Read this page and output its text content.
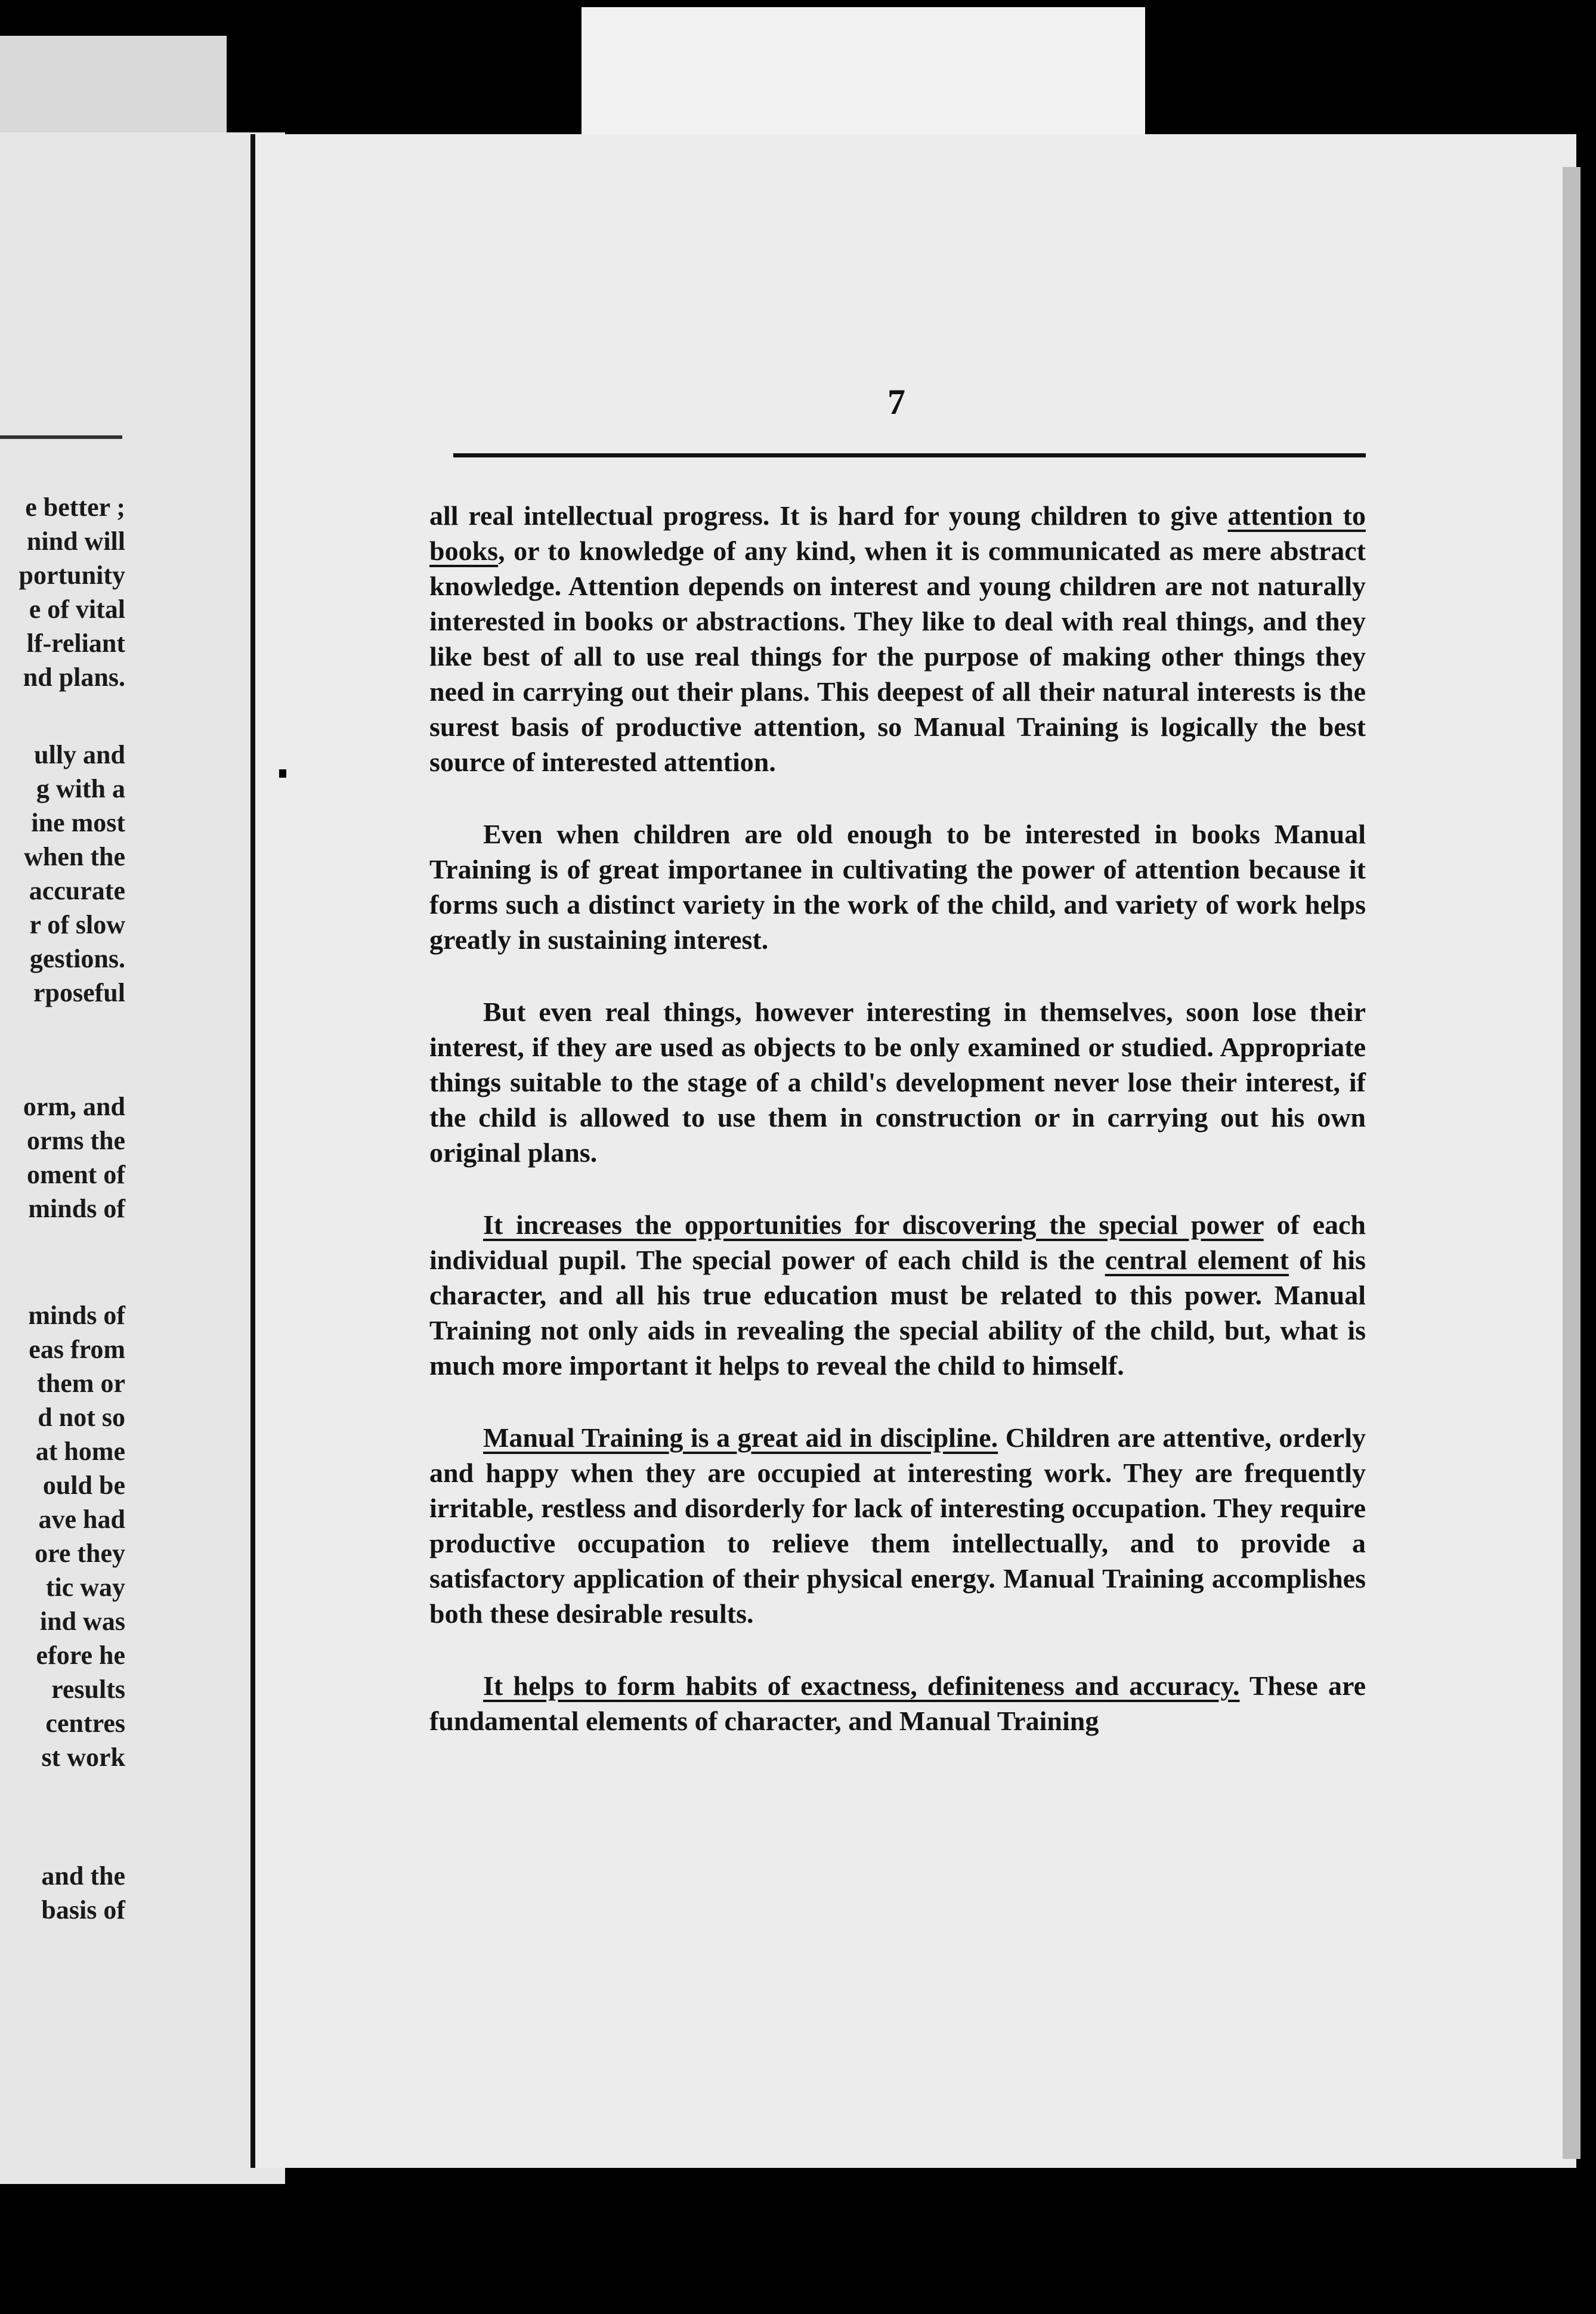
e better ;
nind will
portunity
e of vital
lf-reliant
nd plans.
ully and
g with a
ine most
when the
accurate
r of slow
gestions.
rposeful
orm, and
orms the
oment of
minds of
minds of
eas from
them or
d not so
at home
ould be
ave had
ore they
tic way
ind was
efore he
results
centres
st work
and the
basis of
7

all real intellectual progress. It is hard for young children to give attention to books, or to knowledge of any kind, when it is communicated as mere abstract knowledge. Attention depends on interest and young children are not naturally interested in books or abstractions. They like to deal with real things, and they like best of all to use real things for the purpose of making other things they need in carrying out their plans. This deepest of all their natural interests is the surest basis of productive attention, so Manual Training is logically the best source of interested attention.

Even when children are old enough to be interested in books Manual Training is of great importanee in cultivating the power of attention because it forms such a distinct variety in the work of the child, and variety of work helps greatly in sustaining interest.

But even real things, however interesting in themselves, soon lose their interest, if they are used as objects to be only examined or studied. Appropriate things suitable to the stage of a child's development never lose their interest, if the child is allowed to use them in construction or in carrying out his own original plans.

It increases the opportunities for discovering the special power of each individual pupil. The special power of each child is the central element of his character, and all his true education must be related to this power. Manual Training not only aids in revealing the special ability of the child, but, what is much more important it helps to reveal the child to himself.

Manual Training is a great aid in discipline. Children are attentive, orderly and happy when they are occupied at interesting work. They are frequently irritable, restless and disorderly for lack of interesting occupation. They require productive occupation to relieve them intellectually, and to provide a satisfactory application of their physical energy. Manual Training accomplishes both these desirable results.

It helps to form habits of exactness, definiteness and accuracy. These are fundamental elements of character, and Manual Training
